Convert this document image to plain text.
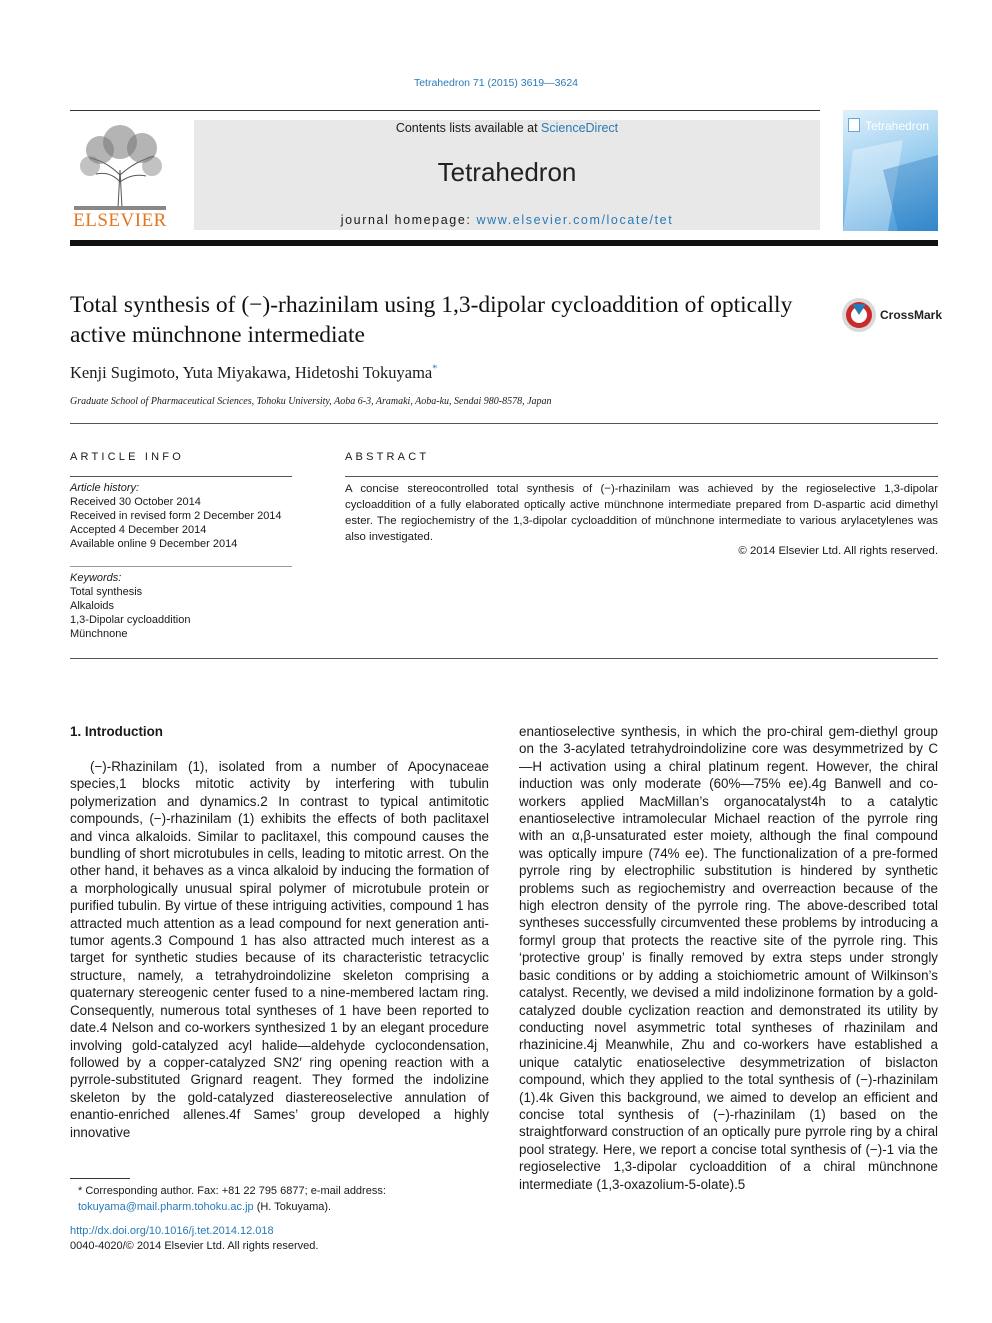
Tetrahedron 71 (2015) 3619—3624
ELSEVIER
Contents lists available at ScienceDirect
Tetrahedron
journal homepage: www.elsevier.com/locate/tet
Tetrahedron
Total synthesis of (−)-rhazinilam using 1,3-dipolar cycloaddition of optically active münchnone intermediate
CrossMark
Kenji Sugimoto, Yuta Miyakawa, Hidetoshi Tokuyama*
Graduate School of Pharmaceutical Sciences, Tohoku University, Aoba 6-3, Aramaki, Aoba-ku, Sendai 980-8578, Japan
ARTICLE INFO
Article history:
Received 30 October 2014
Received in revised form 2 December 2014
Accepted 4 December 2014
Available online 9 December 2014
Keywords:
Total synthesis
Alkaloids
1,3-Dipolar cycloaddition
Münchnone
ABSTRACT
A concise stereocontrolled total synthesis of (−)-rhazinilam was achieved by the regioselective 1,3-dipolar cycloaddition of a fully elaborated optically active münchnone intermediate prepared from D-aspartic acid dimethyl ester. The regiochemistry of the 1,3-dipolar cycloaddition of münchnone intermediate to various arylacetylenes was also investigated.
© 2014 Elsevier Ltd. All rights reserved.
1. Introduction
(−)-Rhazinilam (1), isolated from a number of Apocynaceae species,1 blocks mitotic activity by interfering with tubulin polymerization and dynamics.2 In contrast to typical antimitotic compounds, (−)-rhazinilam (1) exhibits the effects of both paclitaxel and vinca alkaloids. Similar to paclitaxel, this compound causes the bundling of short microtubules in cells, leading to mitotic arrest. On the other hand, it behaves as a vinca alkaloid by inducing the formation of a morphologically unusual spiral polymer of microtubule protein or purified tubulin. By virtue of these intriguing activities, compound 1 has attracted much attention as a lead compound for next generation anti-tumor agents.3 Compound 1 has also attracted much interest as a target for synthetic studies because of its characteristic tetracyclic structure, namely, a tetrahydroindolizine skeleton comprising a quaternary stereogenic center fused to a nine-membered lactam ring. Consequently, numerous total syntheses of 1 have been reported to date.4 Nelson and co-workers synthesized 1 by an elegant procedure involving gold-catalyzed acyl halide—aldehyde cyclocondensation, followed by a copper-catalyzed SN2′ ring opening reaction with a pyrrole-substituted Grignard reagent. They formed the indolizine skeleton by the gold-catalyzed diastereoselective annulation of enantio-enriched allenes.4f Sames’ group developed a highly innovative
enantioselective synthesis, in which the pro-chiral gem-diethyl group on the 3-acylated tetrahydroindolizine core was desymmetrized by C—H activation using a chiral platinum regent. However, the chiral induction was only moderate (60%—75% ee).4g Banwell and co-workers applied MacMillan’s organocatalyst4h to a catalytic enantioselective intramolecular Michael reaction of the pyrrole ring with an α,β-unsaturated ester moiety, although the final compound was optically impure (74% ee). The functionalization of a pre-formed pyrrole ring by electrophilic substitution is hindered by synthetic problems such as regiochemistry and overreaction because of the high electron density of the pyrrole ring. The above-described total syntheses successfully circumvented these problems by introducing a formyl group that protects the reactive site of the pyrrole ring. This ‘protective group’ is finally removed by extra steps under strongly basic conditions or by adding a stoichiometric amount of Wilkinson’s catalyst. Recently, we devised a mild indolizinone formation by a gold-catalyzed double cyclization reaction and demonstrated its utility by conducting novel asymmetric total syntheses of rhazinilam and rhazinicine.4j Meanwhile, Zhu and co-workers have established a unique catalytic enatioselective desymmetrization of bislacton compound, which they applied to the total synthesis of (−)-rhazinilam (1).4k Given this background, we aimed to develop an efficient and concise total synthesis of (−)-rhazinilam (1) based on the straightforward construction of an optically pure pyrrole ring by a chiral pool strategy. Here, we report a concise total synthesis of (−)-1 via the regioselective 1,3-dipolar cycloaddition of a chiral münchnone intermediate (1,3-oxazolium-5-olate).5
* Corresponding author. Fax: +81 22 795 6877; e-mail address: tokuyama@mail.pharm.tohoku.ac.jp (H. Tokuyama).
http://dx.doi.org/10.1016/j.tet.2014.12.018
0040-4020/© 2014 Elsevier Ltd. All rights reserved.
